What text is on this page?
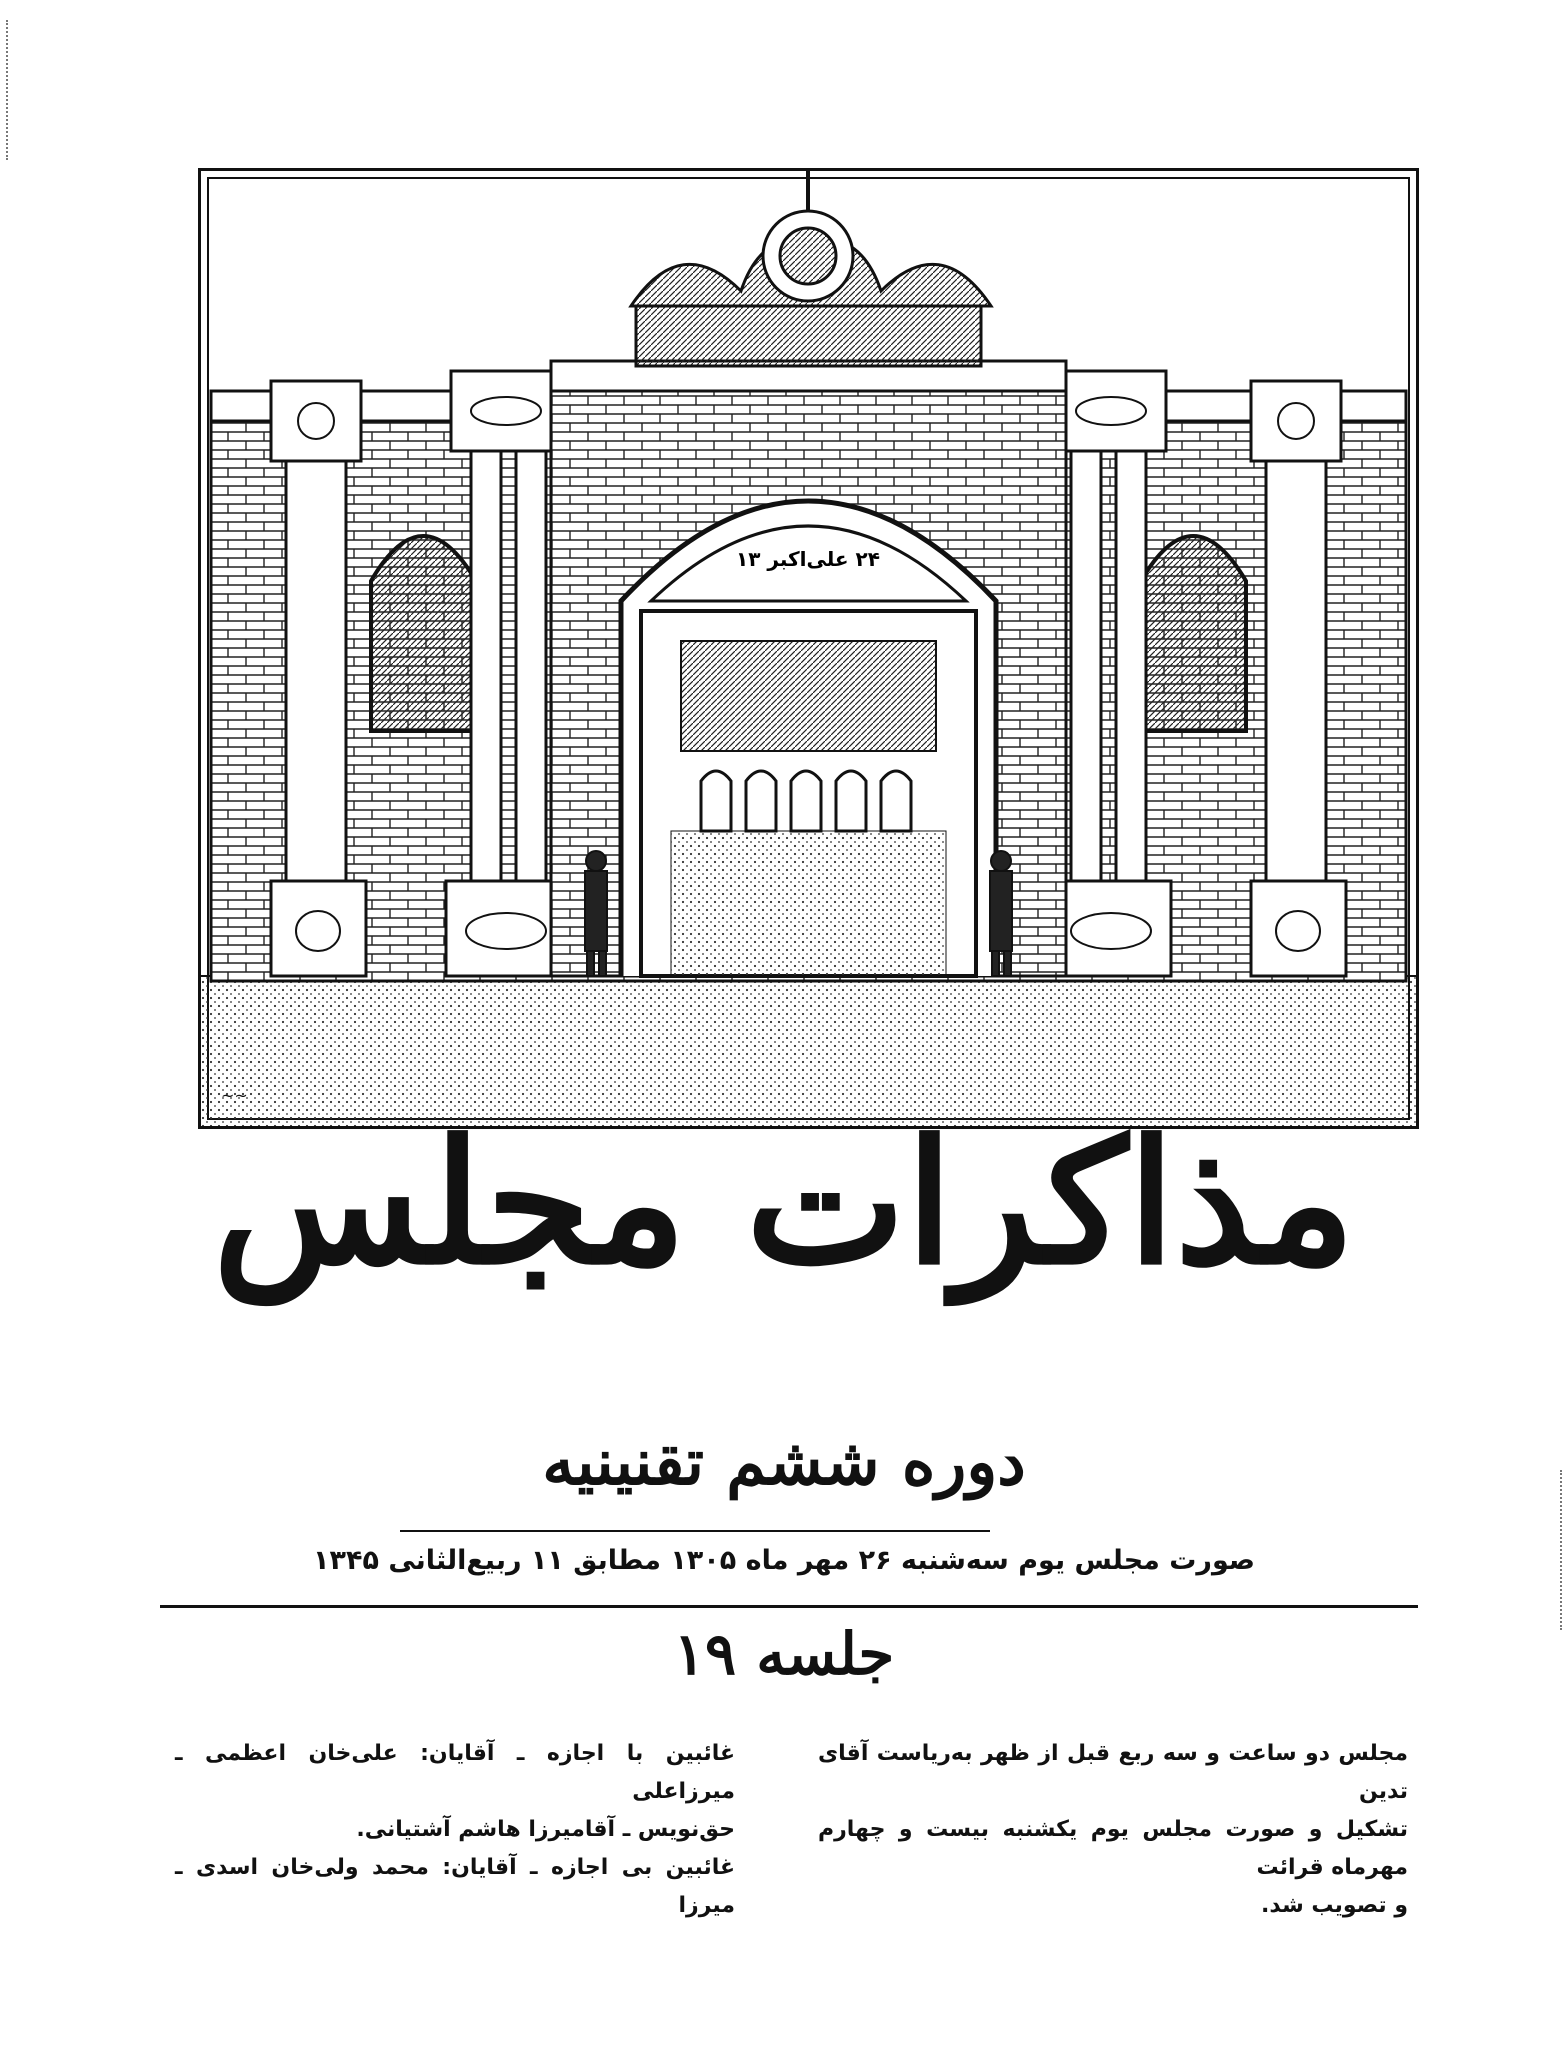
۲۴ علی‌اکبر ۱۳
~~
مذاکرات مجلس
دوره ششم تقنینیه
صورت مجلس یوم سه‌شنبه ۲۶ مهر ماه ۱۳۰۵ مطابق ۱۱ ربیع‌الثانی ۱۳۴۵
جلسه ۱۹

مجلس دو ساعت و سه ربع قبل از ظهر به‌ریاست آقای تدین

تشکیل و صورت مجلس یوم یکشنبه بیست و چهارم مهرماه قرائت

و تصویب شد.

غائبین با اجازه ـ آقایان: علی‌خان اعظمی ـ میرزاعلی

حق‌نویس ـ آقامیرزا هاشم آشتیانی.

غائبین بی اجازه ـ آقایان: محمد ولی‌خان اسدی ـ میرزا
